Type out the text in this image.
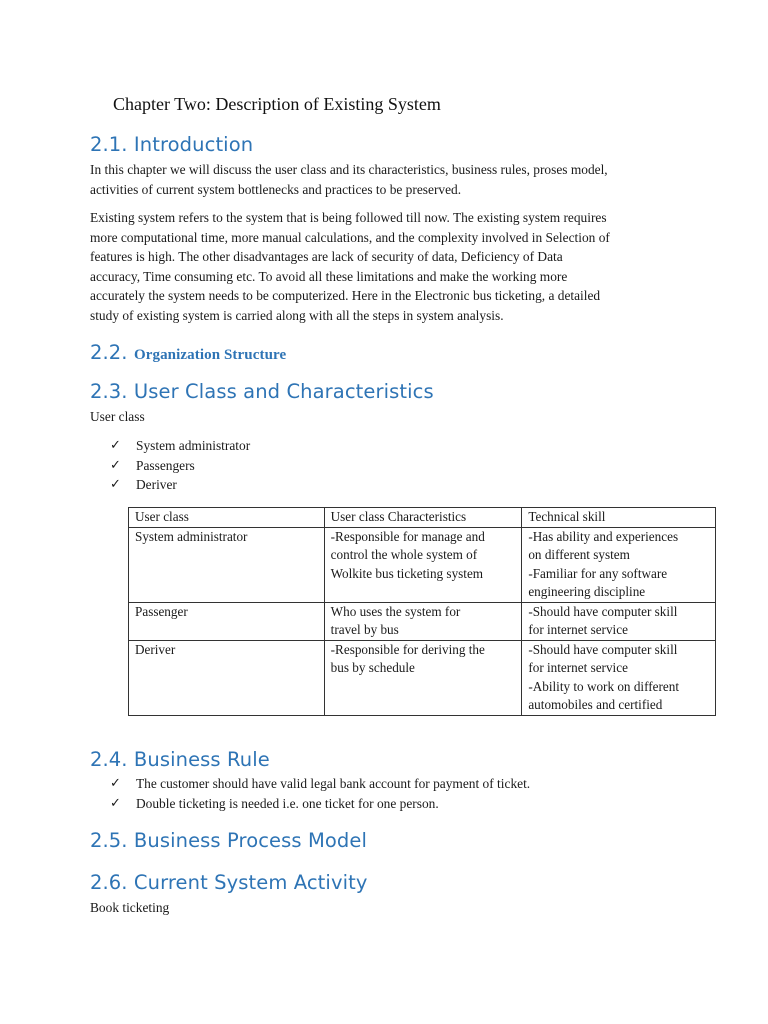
Chapter Two: Description of Existing System
2.1. Introduction
In this chapter we will discuss the user class and its characteristics, business rules, proses model,
activities of current system bottlenecks and practices to be preserved.
Existing system refers to the system that is being followed till now. The existing system requires
more computational time, more manual calculations, and the complexity involved in Selection of
features is high. The other disadvantages are lack of security of data, Deficiency of Data
accuracy, Time consuming etc. To avoid all these limitations and make the working more
accurately the system needs to be computerized. Here in the Electronic bus ticketing, a detailed
study of existing system is carried along with all the steps in system analysis.
2.2. Organization Structure
2.3. User Class and Characteristics
User class
✓ System administrator
✓ Passengers
✓ Deriver
User class	User class Characteristics	Technical skill

System administrator	-Responsible for manage and
control the whole system of
Wolkite bus ticketing system	-Has ability and experiences
on different system
-Familiar for any software
engineering discipline

Passenger	Who uses the system for
travel by bus	-Should have computer skill
for internet service

Deriver	-Responsible for deriving the
bus by schedule	-Should have computer skill
for internet service
-Ability to work on different
automobiles and certified
2.4. Business Rule
✓ The customer should have valid legal bank account for payment of ticket.
✓ Double ticketing is needed i.e. one ticket for one person.
2.5. Business Process Model
2.6. Current System Activity
Book ticketing
